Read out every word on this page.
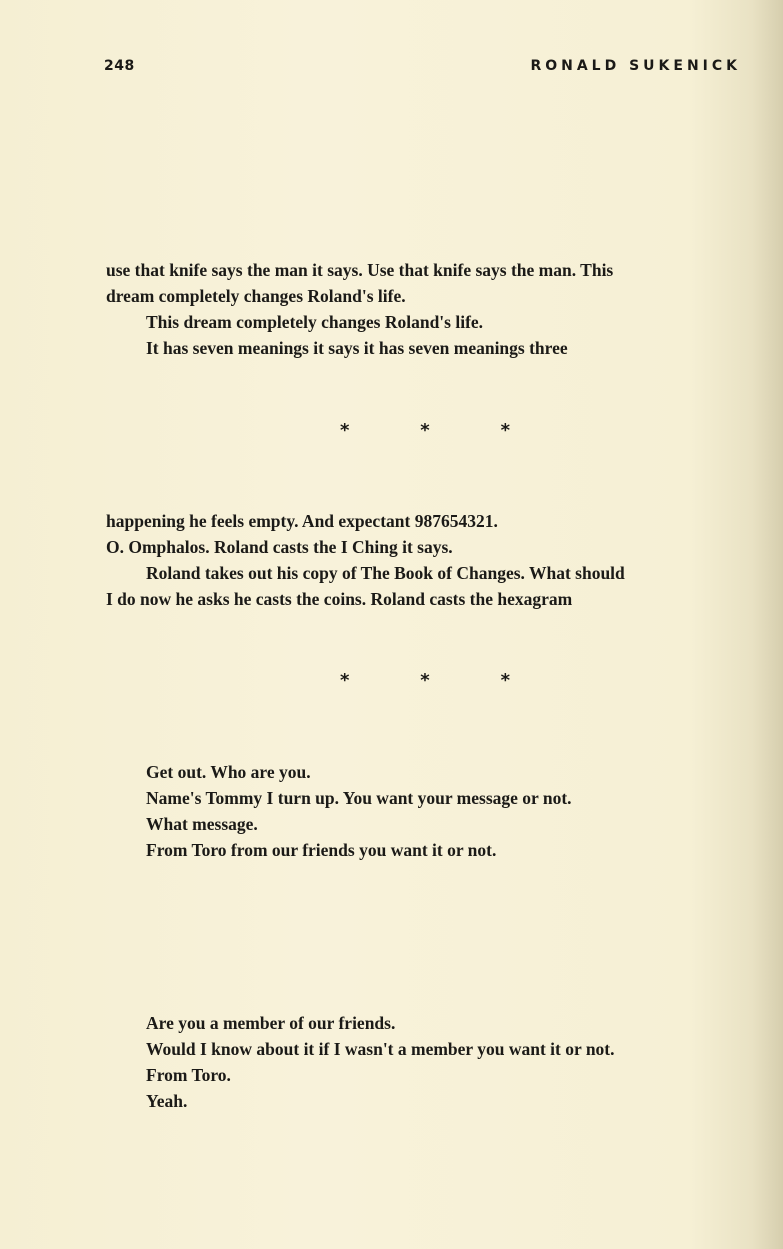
248	RONALD SUKENICK

use that knife says the man it says. Use that knife says the man. This

dream completely changes Roland's life.

This dream completely changes Roland's life.

It has seven meanings it says it has seven meanings three

*	*	*

happening he feels empty. And expectant 987654321.

O. Omphalos. Roland casts the I Ching it says.

Roland takes out his copy of The Book of Changes. What should

I do now he asks he casts the coins. Roland casts the hexagram

*	*	*

Get out. Who are you.

Name's Tommy I turn up. You want your message or not.

What message.

From Toro from our friends you want it or not.

Are you a member of our friends.

Would I know about it if I wasn't a member you want it or not.

From Toro.

Yeah.
